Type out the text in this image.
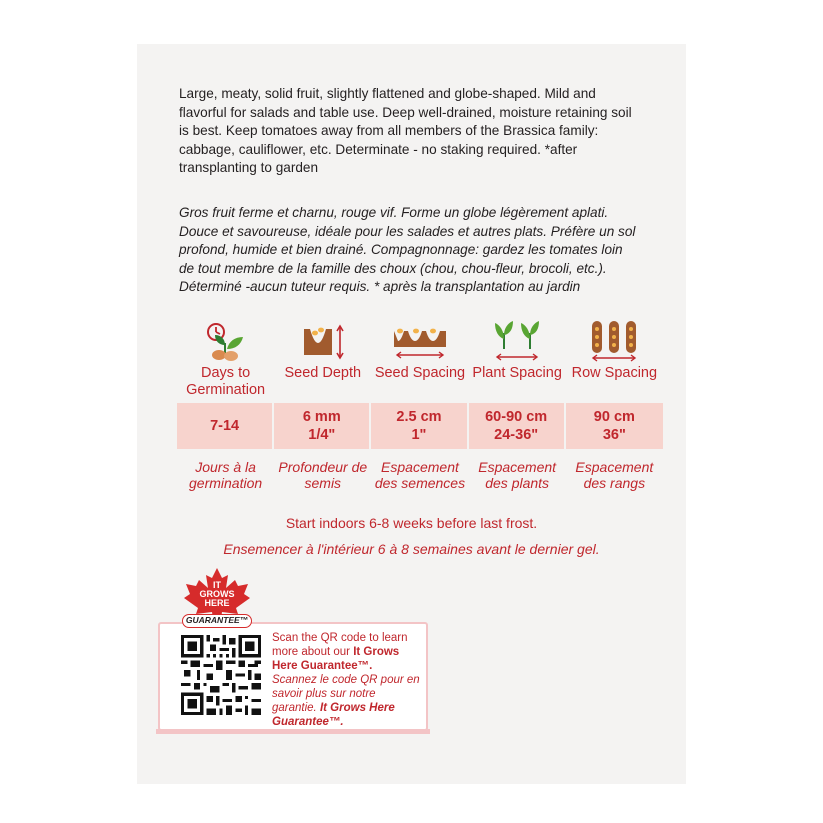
Large, meaty, solid fruit, slightly flattened and globe-shaped. Mild and flavorful for salads and table use. Deep well-drained, moisture retaining soil is best. Keep tomatoes away from all members of the Brassica family: cabbage, cauliflower, etc. Determinate - no staking required. *after transplanting to garden

Gros fruit ferme et charnu, rouge vif. Forme un globe légèrement aplati. Douce et savoureuse, idéale pour les salades et autres plats. Préfère un sol profond, humide et bien drainé. Compagnonnage: gardez les tomates loin de tout membre de la famille des choux (chou, chou-fleur, brocoli, etc.). Déterminé -aucun tuteur requis. * après la transplantation au jardin

Days to Germination
Seed Depth Seed Spacing Plant Spacing Row Spacing
7-14
6 mm
1/4"
2.5 cm
1"
60-90 cm
24-36"
90 cm
36"
Jours à la germination
Profondeur de semis
Espacement des semences
Espacement des plants
Espacement des rangs
Start indoors 6-8 weeks before last frost.
Ensemencer à l'intérieur 6 à 8 semaines avant le dernier gel.
IT
GROWS
HERE
GUARANTEE™
Scan the QR code to learn more about our It Grows Here Guarantee™.
Scannez le code QR pour en savoir plus sur notre garantie. It Grows Here Guarantee™.
